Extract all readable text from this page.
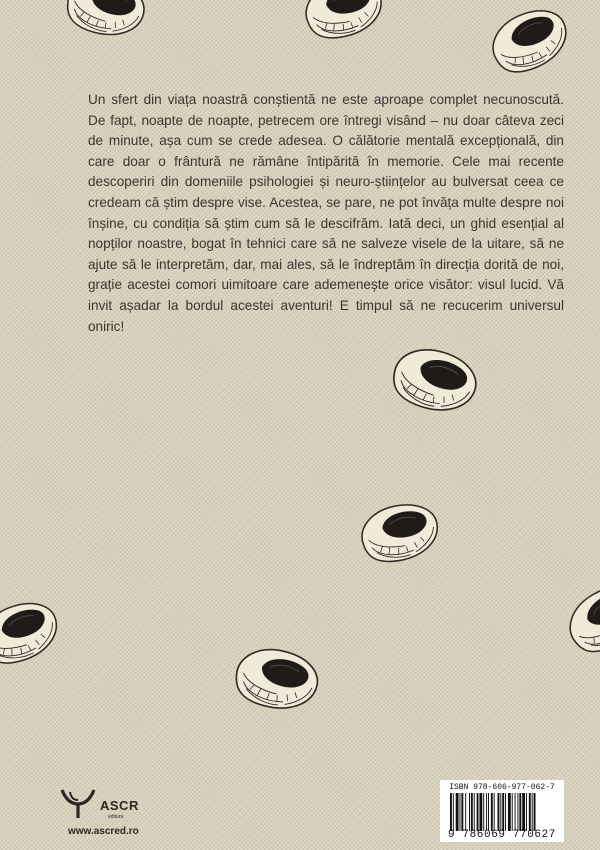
Un sfert din viața noastră conștientă ne este aproape complet necunoscută. De fapt, noapte de noapte, petrecem ore întregi visând – nu doar câteva zeci de minute, așa cum se crede adesea. O călătorie mentală excepțională, din care doar o frântură ne rămâne întipărită în memorie. Cele mai recente descoperiri din domeniile psihologiei și neuro-științelor au bulversat ceea ce credeam că știm despre vise. Acestea, se pare, ne pot învăța multe despre noi înșine, cu condiția să știm cum să le descifrăm. Iată deci, un ghid esențial al nopților noastre, bogat în tehnici care să ne salveze visele de la uitare, să ne ajute să le interpretăm, dar, mai ales, să le îndreptăm în direcția dorită de noi, grație acestei comori uimitoare care ademenește orice visător: visul lucid. Vă invit așadar la bordul acestei aventuri! E timpul să ne recucerim universul oniric!

ASCR
editura
www.ascred.ro
ISBN 978-606-977-062-7
9 786069 770627
